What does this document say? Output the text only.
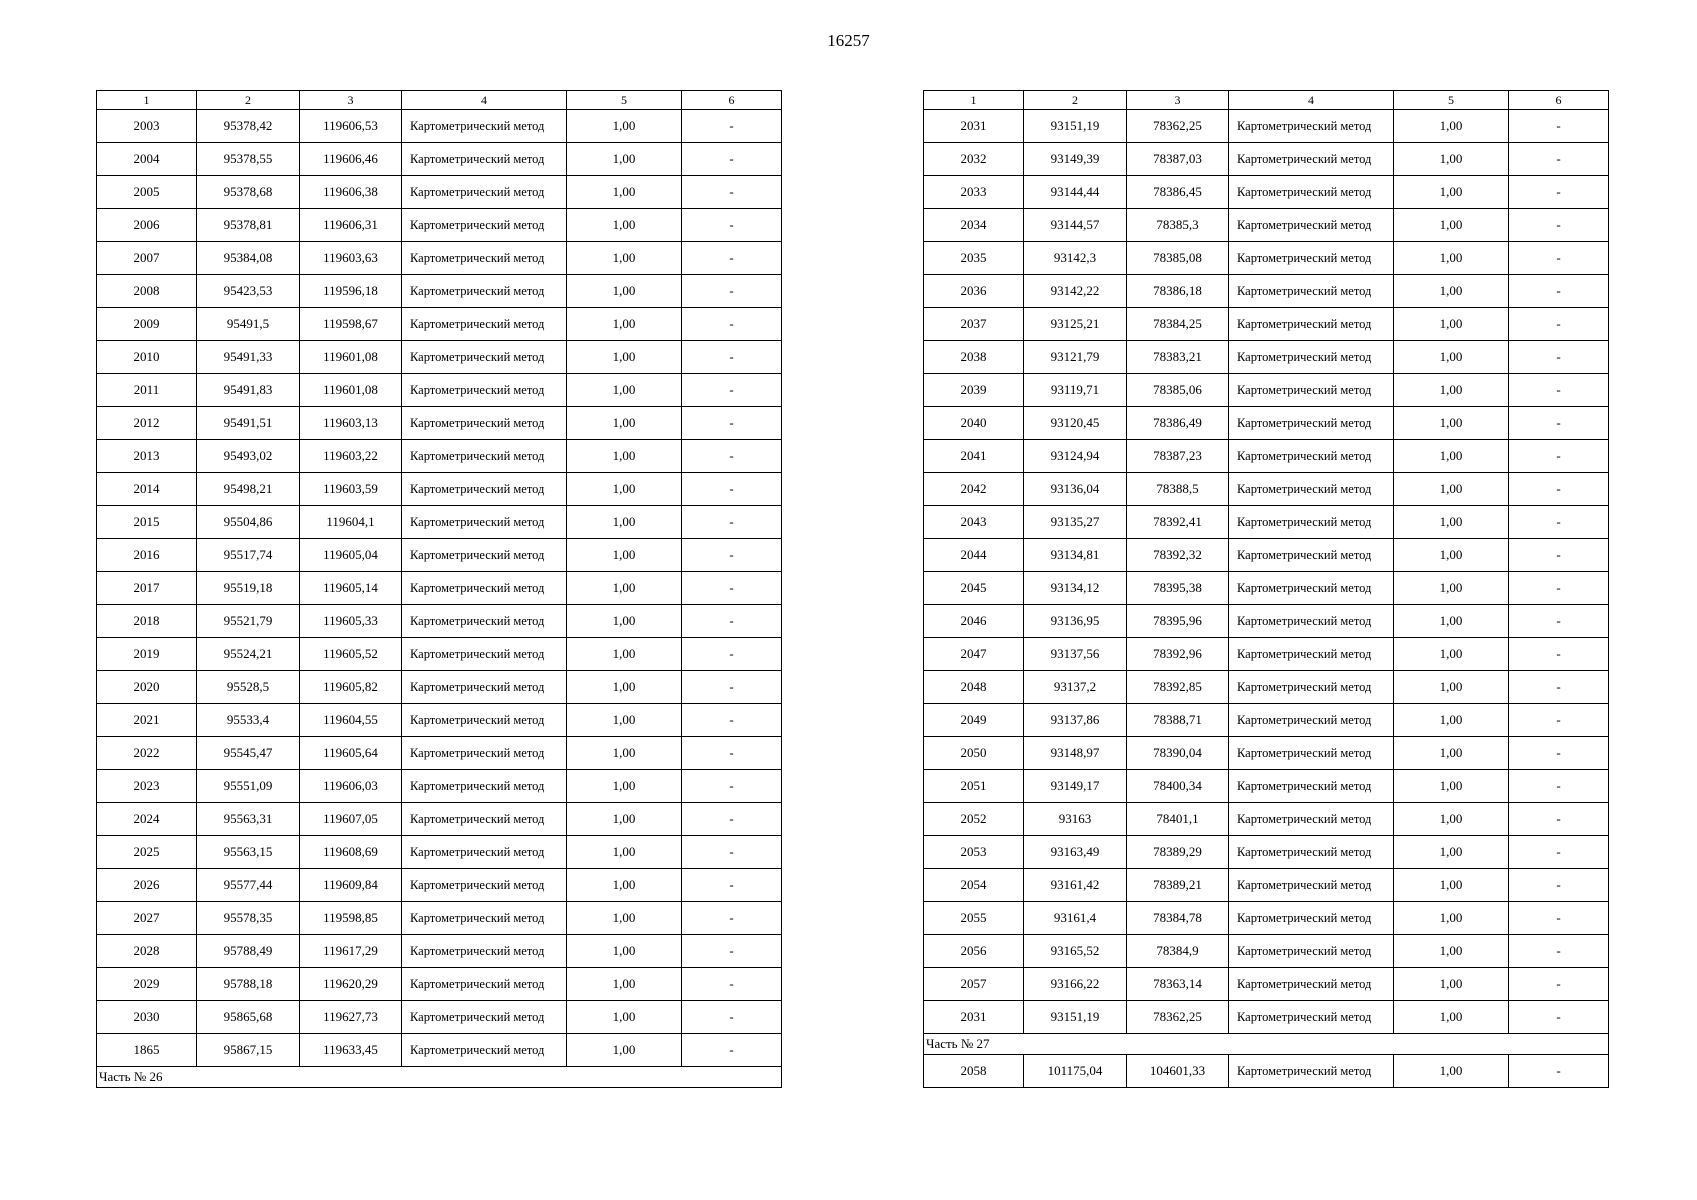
16257
1	2	3	4	5	6
2003	95378,42	119606,53	Картометрический метод	1,00	-
2004	95378,55	119606,46	Картометрический метод	1,00	-
2005	95378,68	119606,38	Картометрический метод	1,00	-
2006	95378,81	119606,31	Картометрический метод	1,00	-
2007	95384,08	119603,63	Картометрический метод	1,00	-
2008	95423,53	119596,18	Картометрический метод	1,00	-
2009	95491,5	119598,67	Картометрический метод	1,00	-
2010	95491,33	119601,08	Картометрический метод	1,00	-
2011	95491,83	119601,08	Картометрический метод	1,00	-
2012	95491,51	119603,13	Картометрический метод	1,00	-
2013	95493,02	119603,22	Картометрический метод	1,00	-
2014	95498,21	119603,59	Картометрический метод	1,00	-
2015	95504,86	119604,1	Картометрический метод	1,00	-
2016	95517,74	119605,04	Картометрический метод	1,00	-
2017	95519,18	119605,14	Картометрический метод	1,00	-
2018	95521,79	119605,33	Картометрический метод	1,00	-
2019	95524,21	119605,52	Картометрический метод	1,00	-
2020	95528,5	119605,82	Картометрический метод	1,00	-
2021	95533,4	119604,55	Картометрический метод	1,00	-
2022	95545,47	119605,64	Картометрический метод	1,00	-
2023	95551,09	119606,03	Картометрический метод	1,00	-
2024	95563,31	119607,05	Картометрический метод	1,00	-
2025	95563,15	119608,69	Картометрический метод	1,00	-
2026	95577,44	119609,84	Картометрический метод	1,00	-
2027	95578,35	119598,85	Картометрический метод	1,00	-
2028	95788,49	119617,29	Картометрический метод	1,00	-
2029	95788,18	119620,29	Картометрический метод	1,00	-
2030	95865,68	119627,73	Картометрический метод	1,00	-
1865	95867,15	119633,45	Картометрический метод	1,00	-
Часть № 26					
1	2	3	4	5	6
2031	93151,19	78362,25	Картометрический метод	1,00	-
2032	93149,39	78387,03	Картометрический метод	1,00	-
2033	93144,44	78386,45	Картометрический метод	1,00	-
2034	93144,57	78385,3	Картометрический метод	1,00	-
2035	93142,3	78385,08	Картометрический метод	1,00	-
2036	93142,22	78386,18	Картометрический метод	1,00	-
2037	93125,21	78384,25	Картометрический метод	1,00	-
2038	93121,79	78383,21	Картометрический метод	1,00	-
2039	93119,71	78385,06	Картометрический метод	1,00	-
2040	93120,45	78386,49	Картометрический метод	1,00	-
2041	93124,94	78387,23	Картометрический метод	1,00	-
2042	93136,04	78388,5	Картометрический метод	1,00	-
2043	93135,27	78392,41	Картометрический метод	1,00	-
2044	93134,81	78392,32	Картометрический метод	1,00	-
2045	93134,12	78395,38	Картометрический метод	1,00	-
2046	93136,95	78395,96	Картометрический метод	1,00	-
2047	93137,56	78392,96	Картометрический метод	1,00	-
2048	93137,2	78392,85	Картометрический метод	1,00	-
2049	93137,86	78388,71	Картометрический метод	1,00	-
2050	93148,97	78390,04	Картометрический метод	1,00	-
2051	93149,17	78400,34	Картометрический метод	1,00	-
2052	93163	78401,1	Картометрический метод	1,00	-
2053	93163,49	78389,29	Картометрический метод	1,00	-
2054	93161,42	78389,21	Картометрический метод	1,00	-
2055	93161,4	78384,78	Картометрический метод	1,00	-
2056	93165,52	78384,9	Картометрический метод	1,00	-
2057	93166,22	78363,14	Картометрический метод	1,00	-
2031	93151,19	78362,25	Картометрический метод	1,00	-
Часть № 27					
2058	101175,04	104601,33	Картометрический метод	1,00	-
